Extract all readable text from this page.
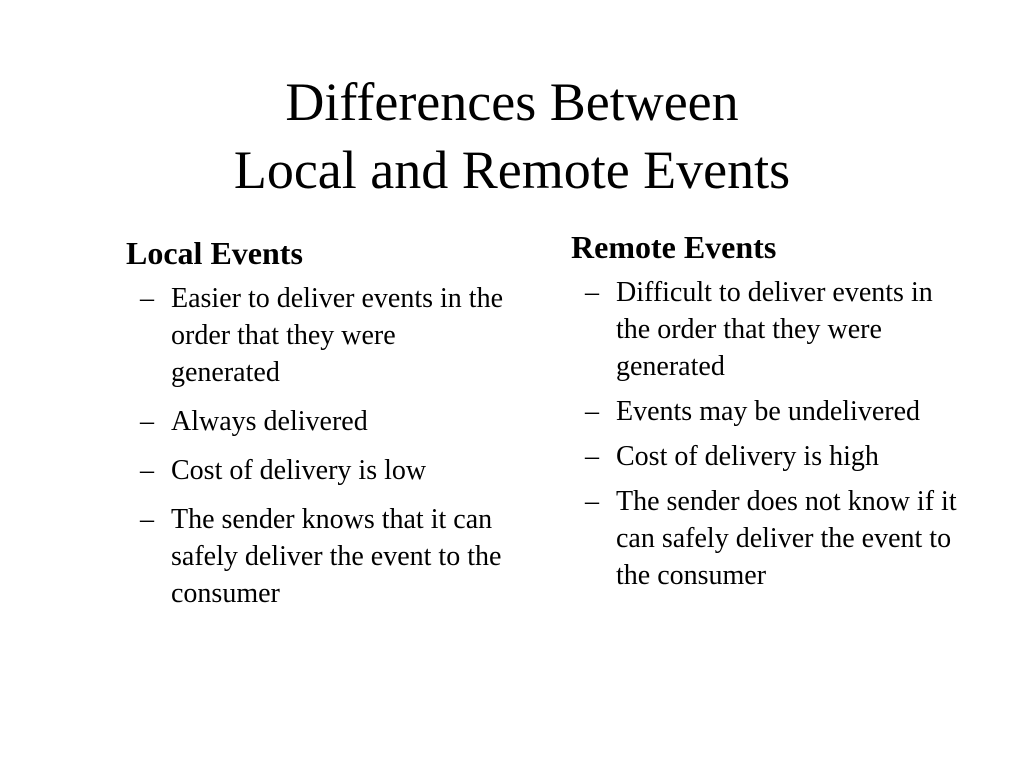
Differences Between
Local and Remote Events
Local Events
– Easier to deliver events in the order that they were generated
– Always delivered
– Cost of delivery is low
– The sender knows that it can safely deliver the event to the consumer
Remote Events
– Difficult to deliver events in the order that they were generated
– Events may be undelivered
– Cost of delivery is high
– The sender does not know if it can safely deliver the event to the consumer
